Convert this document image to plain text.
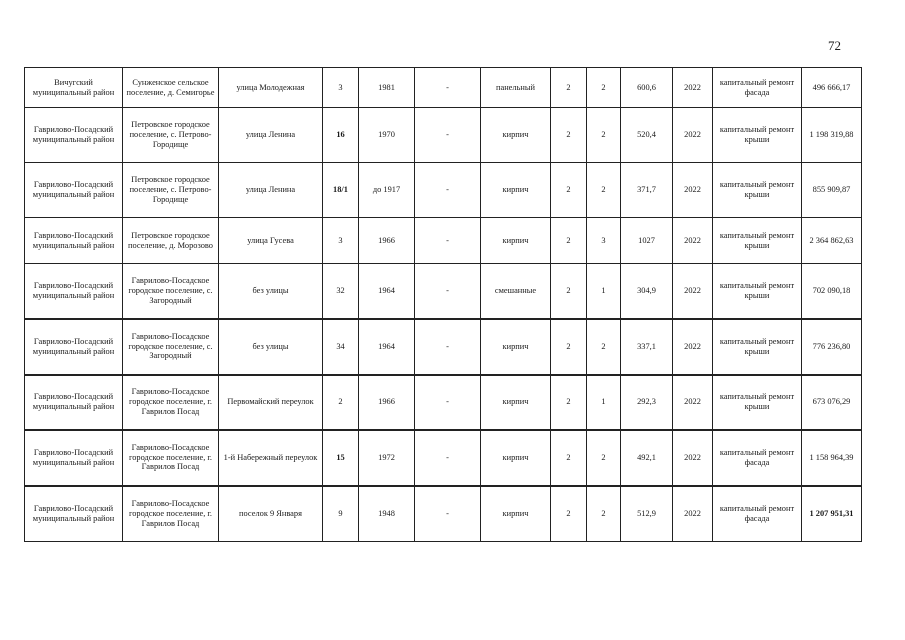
72
Вичугский муниципальный район	Сунженское сельское поселение, д. Семигорье	улица Молодежная	3	1981	-	панельный	2	2	600,6	2022	капитальный ремонт фасада	496 666,17
Гаврилово-Посадский муниципальный район	Петровское городское поселение, с. Петрово-Городище	улица Ленина	16	1970	-	кирпич	2	2	520,4	2022	капитальный ремонт крыши	1 198 319,88
Гаврилово-Посадский муниципальный район	Петровское городское поселение, с. Петрово-Городище	улица Ленина	18/1	до 1917	-	кирпич	2	2	371,7	2022	капитальный ремонт крыши	855 909,87
Гаврилово-Посадский муниципальный район	Петровское городское поселение, д. Морозово	улица Гусева	3	1966	-	кирпич	2	3	1027	2022	капитальный ремонт крыши	2 364 862,63
Гаврилово-Посадский муниципальный район	Гаврилово-Посадское городское поселение, с. Загородный	без улицы	32	1964	-	смешанные	2	1	304,9	2022	капитальный ремонт крыши	702 090,18
Гаврилово-Посадский муниципальный район	Гаврилово-Посадское городское поселение, с. Загородный	без улицы	34	1964	-	кирпич	2	2	337,1	2022	капитальный ремонт крыши	776 236,80
Гаврилово-Посадский муниципальный район	Гаврилово-Посадское городское поселение, г. Гаврилов Посад	Первомайский переулок	2	1966	-	кирпич	2	1	292,3	2022	капитальный ремонт крыши	673 076,29
Гаврилово-Посадский муниципальный район	Гаврилово-Посадское городское поселение, г. Гаврилов Посад	1-й Набережный переулок	15	1972	-	кирпич	2	2	492,1	2022	капитальный ремонт фасада	1 158 964,39
Гаврилово-Посадский муниципальный район	Гаврилово-Посадское городское поселение, г. Гаврилов Посад	поселок 9 Января	9	1948	-	кирпич	2	2	512,9	2022	капитальный ремонт фасада	1 207 951,31
